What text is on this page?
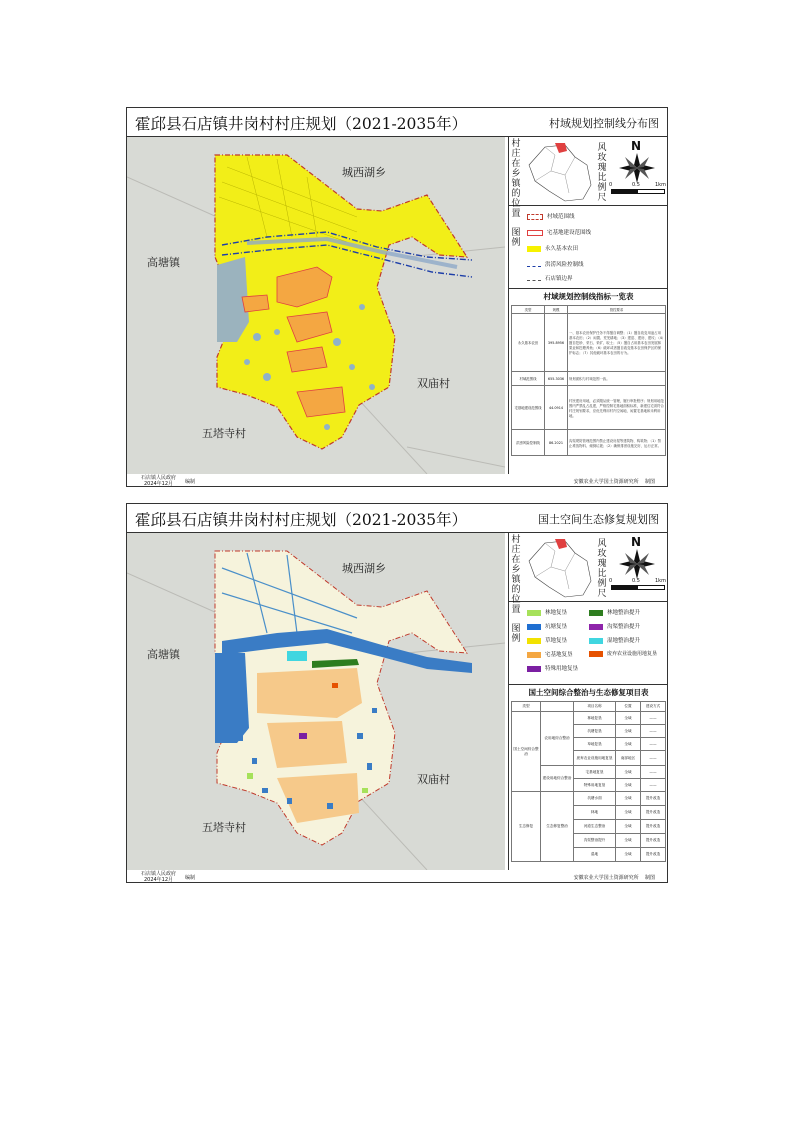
霍邱县石店镇井岗村村庄规划（2021-2035年）	村域规划控制线分布图
城西湖乡
高塘镇
双庙村
五塔寺村
村庄在乡镇的位置
风玫瑰比例尺
N
0	0.5	1km
图例
村域范围线
宅基地建设范围线
永久基本农田
洪涝风险控制线
石店镇边界
村域规划控制线指标一览表
类型	规模	管控要求
永久基本农田	395.8956	一、基本农田保护任务不得擅自调整；（1）擅自改变用途占用基本农田；（2）闲置、荒芜耕地；（3）建窑、建房、建坟；（4）擅自挖砂、采石、采矿、取土；（5）擅自占用基本农田发展林果业和挖塘养鱼；（6）破坏或者擅自改变基本农田保护区的保护标志；（7）其他破坏基本农田的行为。
村域范围线	655.3036	规划面积与村域范围一致。
宅基地建设范围线	44.0914	村民建房用地，必须服从统一管理，履行审批程序；规划用地范围内严禁乱占乱建，严格控制宅基地面积标准，新建住宅须符合村庄规划要求，应优先利用村内空闲地、闲置宅基地和未利用地。
洪涝风险控制线	86.2021	沟渠堤防管理范围内禁止建设房屋等建筑物、构筑物；（1）禁止堆放物料、倾倒垃圾；（2）确保排涝设施完好、运行正常。
石店镇人民政府
2024年12月	编制	安徽农业大学国土资源研究所 制图
霍邱县石店镇井岗村村庄规划（2021-2035年）	国土空间生态修复规划图
城西湖乡
高塘镇
双庙村
五塔寺村
村庄在乡镇的位置
风玫瑰比例尺
N
0	0.5	1km
图例
林地复垦
坑塘复垦
草地复垦
宅基地复垦
特殊用地复垦
林地整治提升
沟渠整治提升
湿地整治提升
废弃农业设施用地复垦
国土空间综合整治与生态修复项目表
类型		项目名称	位置	建设方式
国土空间综合整治	农用地综合整治	林地复垦	全域	——
		坑塘复垦	全域	——
		草地复垦	全域	——
		废弃农业设施用地复垦	南部地区	——
	建设用地综合整治	宅基地复垦	全域	——
		特殊用地复垦	全域	——
生态修复	生态修复整治	坑塘水面	全域	提升改造
		林地	全域	提升改造
		河道生态整治	全域	提升改造
		沟渠整治提升	全域	提升改造
		湿地	全域	提升改造
石店镇人民政府
2024年12月	编制	安徽农业大学国土资源研究所 制图
